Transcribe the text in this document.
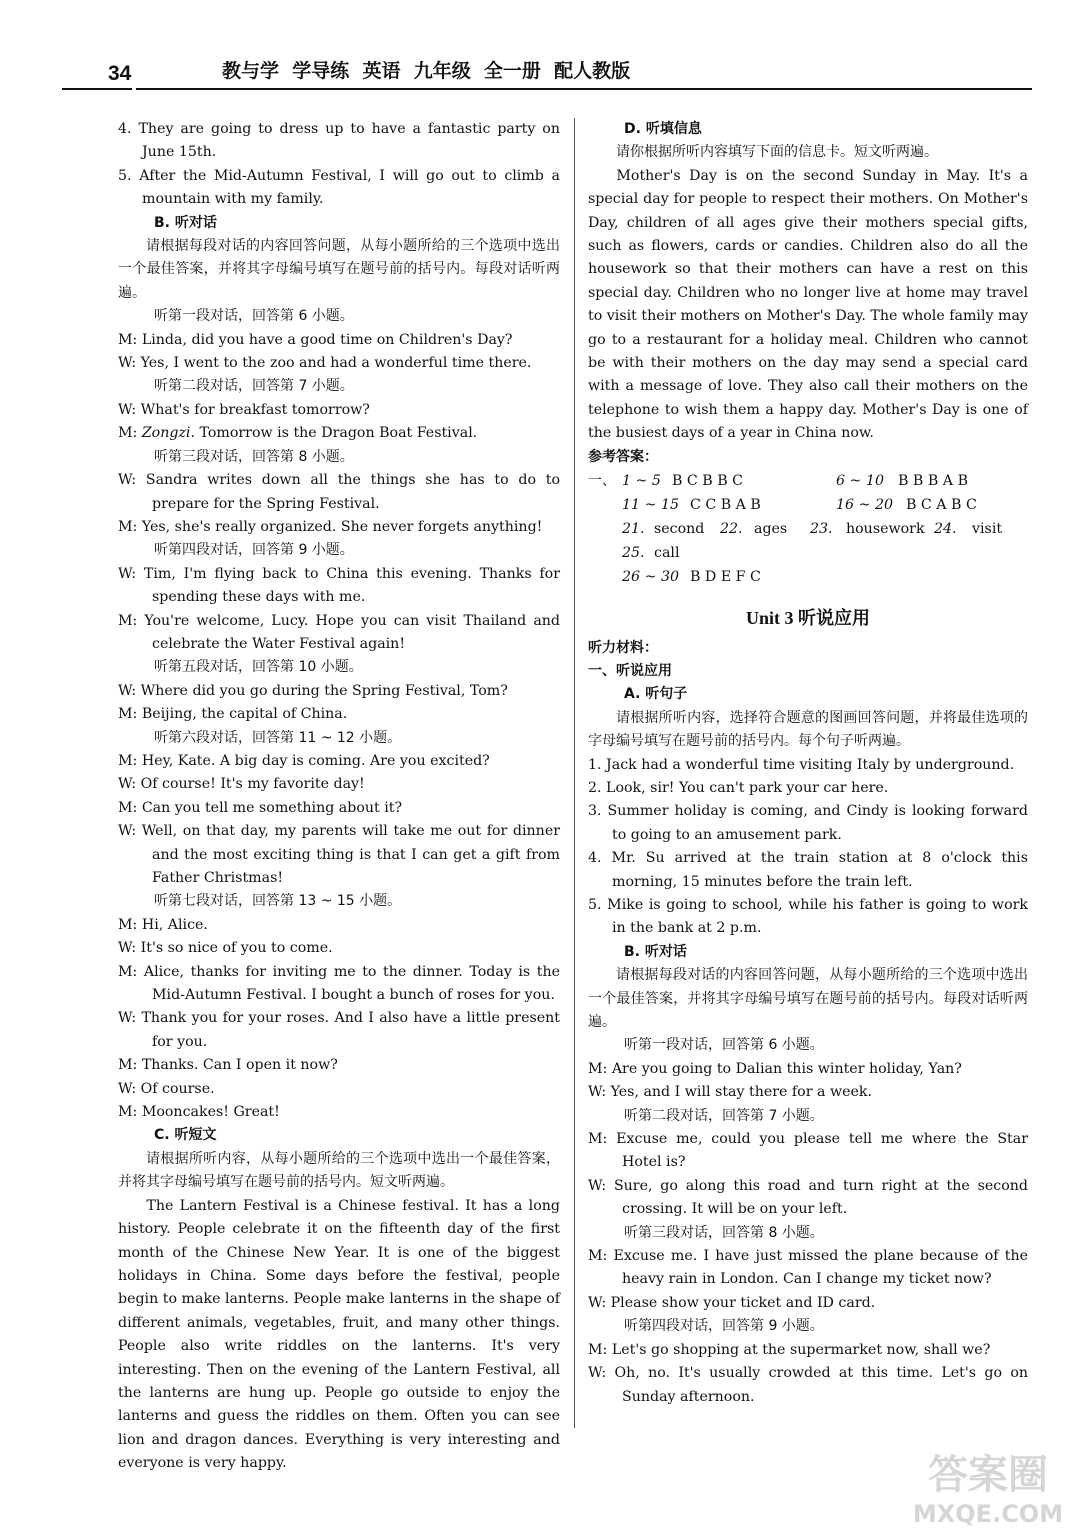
34	教与学  学导练  英语  九年级  全一册  配人教版

4. They are going to dress up to have a fantastic party on June 15th.

5. After the Mid-Autumn Festival, I will go out to climb a mountain with my family.

B. 听对话

请根据每段对话的内容回答问题，从每小题所给的三个选项中选出一个最佳答案，并将其字母编号填写在题号前的括号内。每段对话听两遍。

听第一段对话，回答第 6 小题。

M: Linda, did you have a good time on Children's Day?

W: Yes, I went to the zoo and had a wonderful time there.

听第二段对话，回答第 7 小题。

W: What's for breakfast tomorrow?

M: Zongzi. Tomorrow is the Dragon Boat Festival.

听第三段对话，回答第 8 小题。

W: Sandra writes down all the things she has to do to prepare for the Spring Festival.

M: Yes, she's really organized. She never forgets anything!

听第四段对话，回答第 9 小题。

W: Tim, I'm flying back to China this evening. Thanks for spending these days with me.

M: You're welcome, Lucy. Hope you can visit Thailand and celebrate the Water Festival again!

听第五段对话，回答第 10 小题。

W: Where did you go during the Spring Festival, Tom?

M: Beijing, the capital of China.

听第六段对话，回答第 11 ~ 12 小题。

M: Hey, Kate. A big day is coming. Are you excited?

W: Of course! It's my favorite day!

M: Can you tell me something about it?

W: Well, on that day, my parents will take me out for dinner and the most exciting thing is that I can get a gift from Father Christmas!

听第七段对话，回答第 13 ~ 15 小题。

M: Hi, Alice.

W: It's so nice of you to come.

M: Alice, thanks for inviting me to the dinner. Today is the Mid-Autumn Festival. I bought a bunch of roses for you.

W: Thank you for your roses. And I also have a little present for you.

M: Thanks. Can I open it now?

W: Of course.

M: Mooncakes! Great!

C. 听短文

请根据所听内容，从每小题所给的三个选项中选出一个最佳答案，并将其字母编号填写在题号前的括号内。短文听两遍。

The Lantern Festival is a Chinese festival. It has a long history. People celebrate it on the fifteenth day of the first month of the Chinese New Year. It is one of the biggest holidays in China. Some days before the festival, people begin to make lanterns. People make lanterns in the shape of different animals, vegetables, fruit, and many other things. People also write riddles on the lanterns. It's very interesting. Then on the evening of the Lantern Festival, all the lanterns are hung up. People go outside to enjoy the lanterns and guess the riddles on them. Often you can see lion and dragon dances. Everything is very interesting and everyone is very happy.

D. 听填信息

请你根据所听内容填写下面的信息卡。短文听两遍。

Mother's Day is on the second Sunday in May. It's a special day for people to respect their mothers. On Mother's Day, children of all ages give their mothers special gifts, such as flowers, cards or candies. Children also do all the housework so that their mothers can have a rest on this special day. Children who no longer live at home may travel to visit their mothers on Mother's Day. The whole family may go to a restaurant for a holiday meal. Children who cannot be with their mothers on the day may send a special card with a message of love. They also call their mothers on the telephone to wish them a happy day. Mother's Day is one of the busiest days of a year in China now.

参考答案：

一、 1 ~ 5 B C B B C	6 ~ 10 B B B A B
11 ~ 15 C C B A B	16 ~ 20 B C A B C
21. second 22. ages 23. housework 24. visit
25. call
26 ~ 30 B D E F C
Unit 3 听说应用

听力材料：

一、听说应用

A. 听句子

请根据所听内容，选择符合题意的图画回答问题，并将最佳选项的字母编号填写在题号前的括号内。每个句子听两遍。

1. Jack had a wonderful time visiting Italy by underground.

2. Look, sir! You can't park your car here.

3. Summer holiday is coming, and Cindy is looking forward to going to an amusement park.

4. Mr. Su arrived at the train station at 8 o'clock this morning, 15 minutes before the train left.

5. Mike is going to school, while his father is going to work in the bank at 2 p.m.

B. 听对话

请根据每段对话的内容回答问题，从每小题所给的三个选项中选出一个最佳答案，并将其字母编号填写在题号前的括号内。每段对话听两遍。

听第一段对话，回答第 6 小题。

M: Are you going to Dalian this winter holiday, Yan?

W: Yes, and I will stay there for a week.

听第二段对话，回答第 7 小题。

M: Excuse me, could you please tell me where the Star Hotel is?

W: Sure, go along this road and turn right at the second crossing. It will be on your left.

听第三段对话，回答第 8 小题。

M: Excuse me. I have just missed the plane because of the heavy rain in London. Can I change my ticket now?

W: Please show your ticket and ID card.

听第四段对话，回答第 9 小题。

M: Let's go shopping at the supermarket now, shall we?

W: Oh, no. It's usually crowded at this time. Let's go on Sunday afternoon.

答案圈
MXQE.COM
